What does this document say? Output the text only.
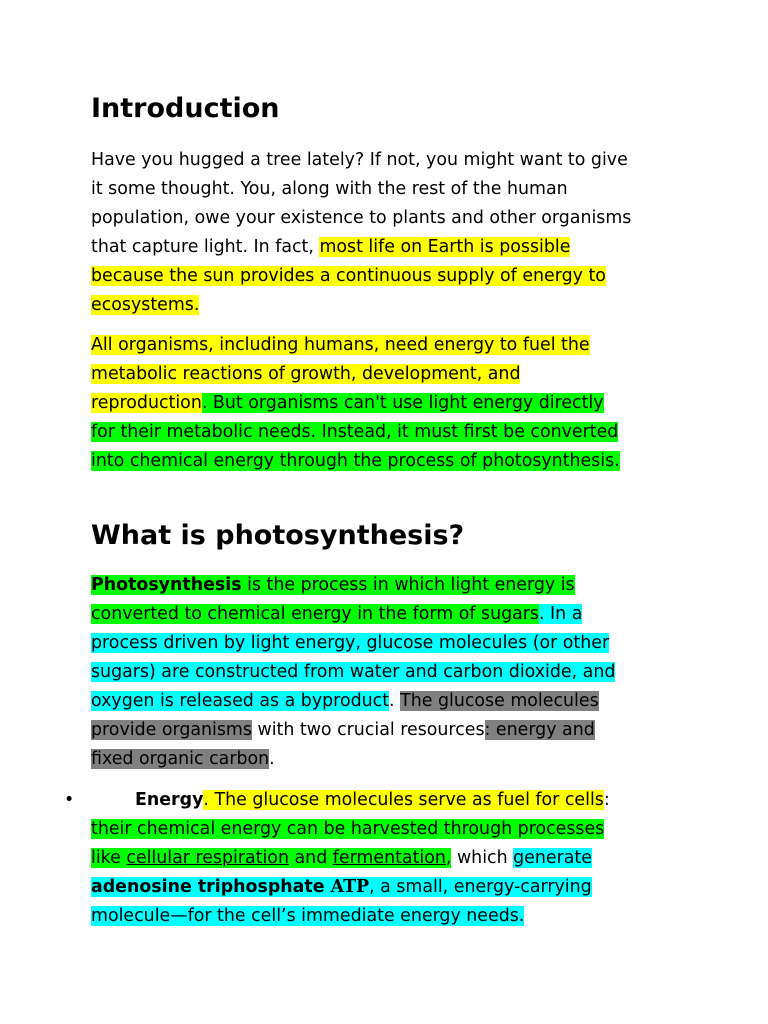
Introduction
Have you hugged a tree lately? If not, you might want to give
it some thought. You, along with the rest of the human
population, owe your existence to plants and other organisms
that capture light. In fact, most life on Earth is possible
because the sun provides a continuous supply of energy to
ecosystems.
All organisms, including humans, need energy to fuel the
metabolic reactions of growth, development, and
reproduction. But organisms can't use light energy directly
for their metabolic needs. Instead, it must first be converted
into chemical energy through the process of photosynthesis.
What is photosynthesis?
Photosynthesis is the process in which light energy is
converted to chemical energy in the form of sugars. In a
process driven by light energy, glucose molecules (or other
sugars) are constructed from water and carbon dioxide, and
oxygen is released as a byproduct. The glucose molecules
provide organisms with two crucial resources: energy and
fixed organic carbon.
•	Energy. The glucose molecules serve as fuel for cells:
their chemical energy can be harvested through processes
like cellular respiration and fermentation, which generate
adenosine triphosphate ATP, a small, energy-carrying
molecule—for the cell’s immediate energy needs.
